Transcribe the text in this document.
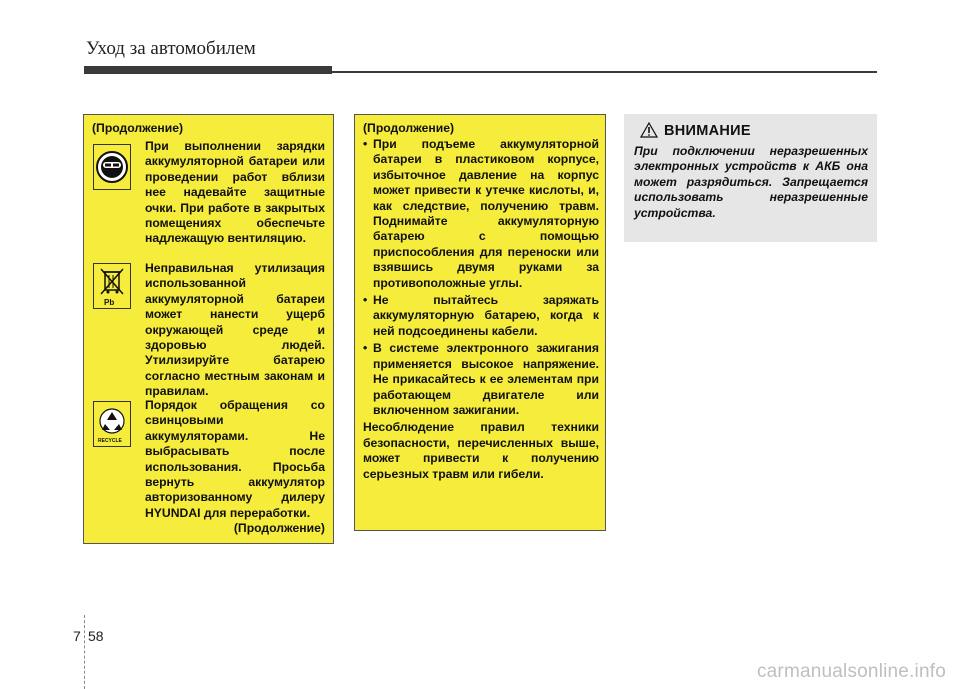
Уход за автомобилем
(Продолжение)
При выполнении зарядки аккумуляторной батареи или проведении работ вблизи нее надевайте защитные очки. При работе в закрытых помещениях обеспечьте надлежащую вентиляцию.
Pb
Неправильная утилизация использованной аккумуляторной батареи может нанести ущерб окружающей среде и здоровью людей. Утилизируйте батарею согласно местным законам и правилам.
RECYCLE
Порядок обращения со свинцовыми аккумуляторами. Не выбрасывать после использования. Просьба вернуть аккумулятор авторизованному дилеру HYUNDAI для переработки.
(Продолжение)
(Продолжение)

• При подъеме аккумуляторной батареи в пластиковом корпусе, избыточное давление на корпус может привести к утечке кислоты, и, как следствие, получению травм. Поднимайте аккумуляторную батарею с помощью приспособления для переноски или взявшись двумя руками за противоположные углы.

• Не пытайтесь заряжать аккумуляторную батарею, когда к ней подсоединены кабели.

• В системе электронного зажигания применяется высокое напряжение. Не прикасайтесь к ее элементам при работающем двигателе или включенном зажигании.

Несоблюдение правил техники безопасности, перечисленных выше, может привести к получению серьезных травм или гибели.

ВНИМАНИЕ
При подключении неразрешенных электронных устройств к АКБ она может разрядиться. Запрещается использовать неразрешенные устройства.
7 58
carmanualsonline.info
